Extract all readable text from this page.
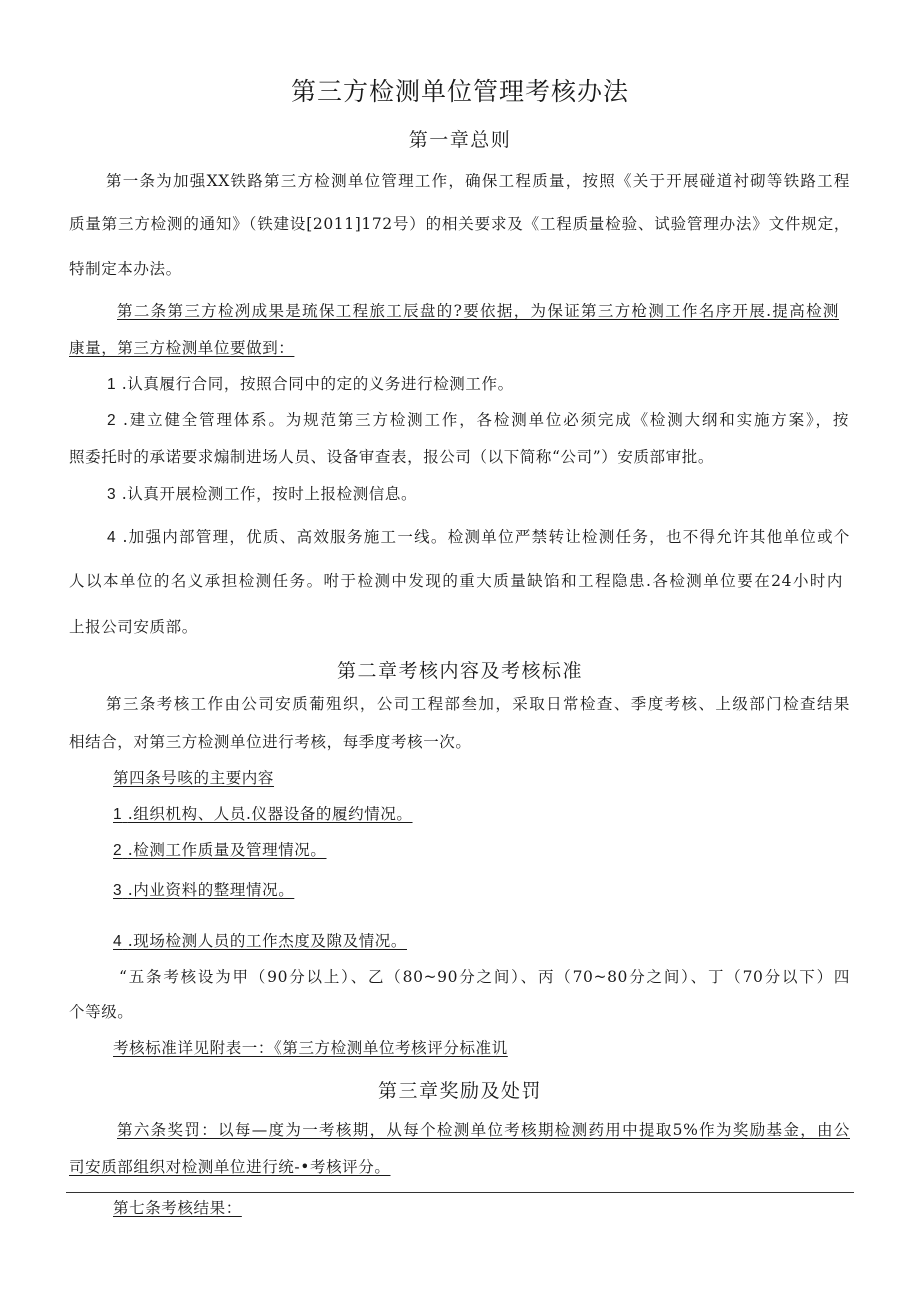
第三方检测单位管理考核办法
第一章总则
第一条为加强XX铁路第三方检测单位管理工作，确保工程质量，按照《关于开展碰道衬砌等铁路工程
质量第三方检测的通知》（铁建设[2011]172号）的相关要求及《工程质量检验、试验管理办法》文件规定，
特制定本办法。
第二条第三方检冽成果是琉保工程旅工辰盘的?要依据，为保证第三方枪测工作名序开展.提高检测
康量，第三方检测单位要做到：
1 .认真履行合同，按照合同中的定的义务进行检测工作。
2 .建立健全管理体系。为规范第三方检测工作，各检测单位必须完成《检测大纲和实施方案》，按
照委托时的承诺要求煽制进场人员、设备审查表，报公司（以下简称“公司”）安质部审批。
3 .认真开展检测工作，按时上报检测信息。
4 .加强内部管理，优质、高效服务施工一线。检测单位严禁转让检测任务，也不得允许其他单位或个
人以本单位的名义承担检测任务。咐于检测中发现的重大质量缺馅和工程隐患.各检测单位要在24小时内
上报公司安质部。
第二章考核内容及考核标准
第三条考核工作由公司安质葡殂织，公司工程部叁加，采取日常检查、季度考核、上级部门检查结果
相结合，对第三方检测单位进行考核，每季度考核一次。
第四条号咳的主要内容
1 .组织机构、人员.仪器设备的履约情况。
2 .检测工作质量及管理情况。
3 .内业资料的整理情况。
4 .现场检测人员的工作杰度及隙及情况。
“五条考核设为甲（90分以上）、乙（80~90分之间）、丙（70~80分之间）、丁（70分以下）四
个等级。
考核标准详见附表一：《第三方检测单位考核评分标准讥
第三章奖励及处罚
第六条奖罚：以每—度为一考核期，从每个检测单位考核期检测药用中提取5%作为奖励基金，由公
司安质部组织对检测单位进行统-•考核评分。
第七条考核结果：
